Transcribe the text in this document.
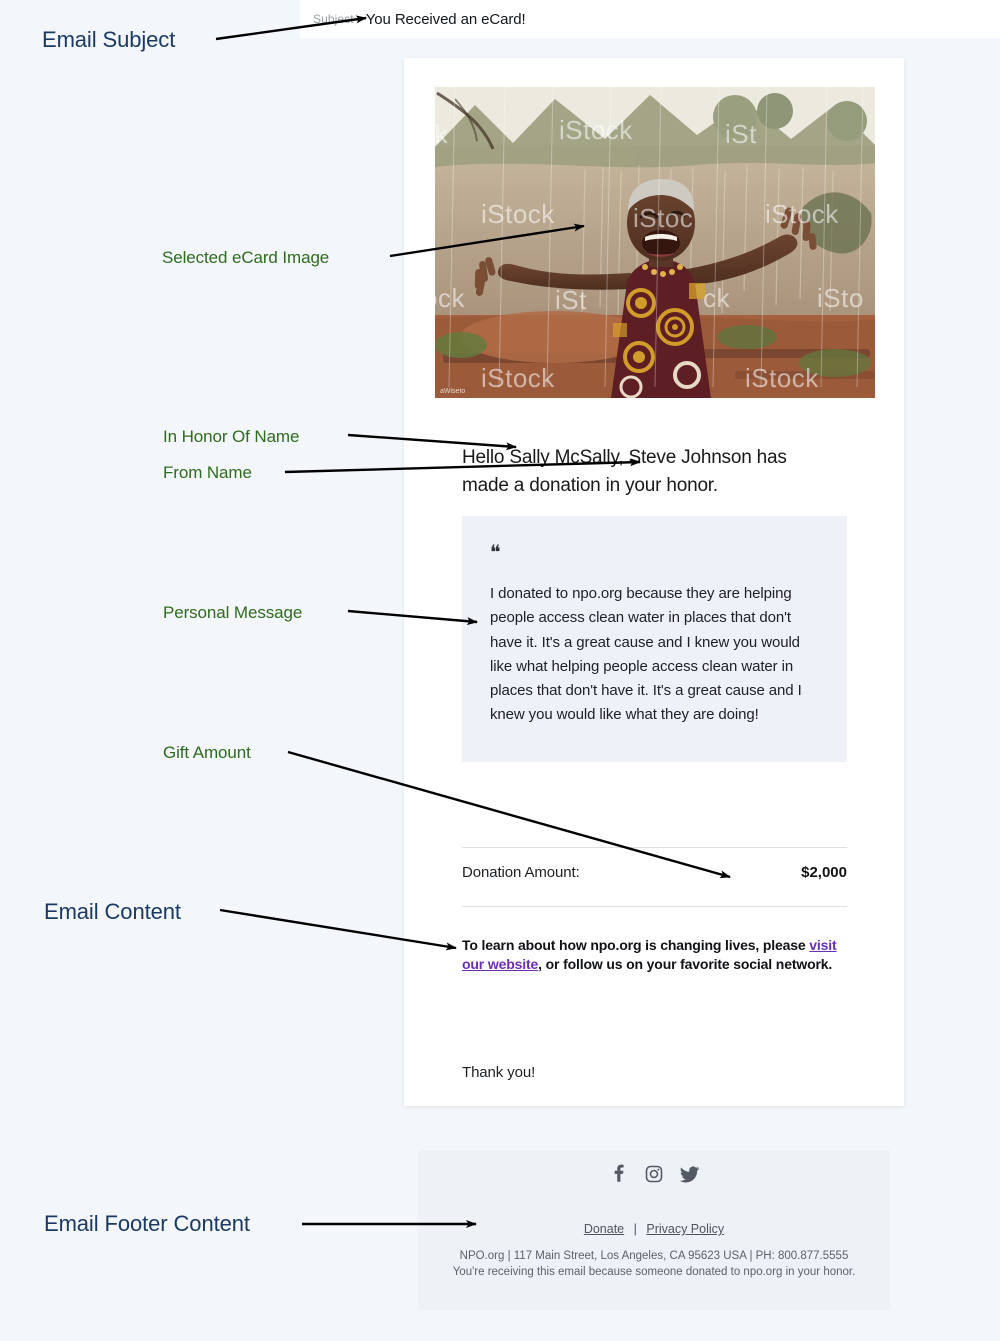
Subject You Received an eCard!
ck	iStock	iSt
iStock	iStoc	iStock
ock	iSt	ck	iSto
iStock	iStock
aWiseto
Hello Sally McSally, Steve Johnson has made a donation in your honor.
❝
I donated to npo.org because they are helping people access clean water in places that don't have it. It's a great cause and I knew you would like what helping people access clean water in places that don't have it. It's a great cause and I knew you would like what they are doing!
Donation Amount:	$2,000
To learn about how npo.org is changing lives, please visit our website, or follow us on your favorite social network.
Thank you!
Donate | Privacy Policy
NPO.org | 117 Main Street, Los Angeles, CA 95623 USA | PH: 800.877.5555
You're receiving this email because someone donated to npo.org in your honor.
Email Subject
Selected eCard Image
In Honor Of Name
From Name
Personal Message
Gift Amount
Email Content
Email Footer Content
